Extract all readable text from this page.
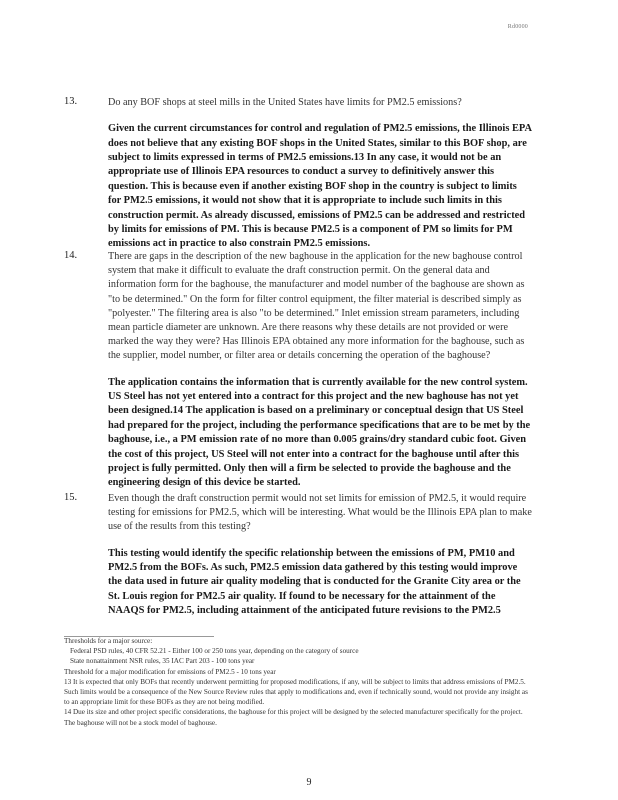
Rd0000
13.	Do any BOF shops at steel mills in the United States have limits for PM2.5 emissions?
Given the current circumstances for control and regulation of PM2.5 emissions, the Illinois EPA does not believe that any existing BOF shops in the United States, similar to this BOF shop, are subject to limits expressed in terms of PM2.5 emissions.13 In any case, it would not be an appropriate use of Illinois EPA resources to conduct a survey to definitively answer this question. This is because even if another existing BOF shop in the country is subject to limits for PM2.5 emissions, it would not show that it is appropriate to include such limits in this construction permit. As already discussed, emissions of PM2.5 can be addressed and restricted by limits for emissions of PM. This is because PM2.5 is a component of PM so limits for PM emissions act in practice to also constrain PM2.5 emissions.
14.	There are gaps in the description of the new baghouse in the application for the new baghouse control system that make it difficult to evaluate the draft construction permit. On the general data and information form for the baghouse, the manufacturer and model number of the baghouse are shown as "to be determined." On the form for filter control equipment, the filter material is described simply as "polyester." The filtering area is also "to be determined." Inlet emission stream parameters, including mean particle diameter are unknown. Are there reasons why these details are not provided or were marked the way they were? Has Illinois EPA obtained any more information for the baghouse, such as the supplier, model number, or filter area or details concerning the operation of the baghouse?
The application contains the information that is currently available for the new control system. US Steel has not yet entered into a contract for this project and the new baghouse has not yet been designed.14 The application is based on a preliminary or conceptual design that US Steel had prepared for the project, including the performance specifications that are to be met by the baghouse, i.e., a PM emission rate of no more than 0.005 grains/dry standard cubic foot. Given the cost of this project, US Steel will not enter into a contract for the baghouse until after this project is fully permitted. Only then will a firm be selected to provide the baghouse and the engineering design of this device be started.
15.	Even though the draft construction permit would not set limits for emission of PM2.5, it would require testing for emissions for PM2.5, which will be interesting. What would be the Illinois EPA plan to make use of the results from this testing?
This testing would identify the specific relationship between the emissions of PM, PM10 and PM2.5 from the BOFs. As such, PM2.5 emission data gathered by this testing would improve the data used in future air quality modeling that is conducted for the Granite City area or the St. Louis region for PM2.5 air quality. If found to be necessary for the attainment of the NAAQS for PM2.5, including attainment of the anticipated future revisions to the PM2.5
Thresholds for a major source:
Federal PSD rules, 40 CFR 52.21 - Either 100 or 250 tons year, depending on the category of source
State nonattainment NSR rules, 35 IAC Part 203 - 100 tons year
Threshold for a major modification for emissions of PM2.5 - 10 tons year
13 It is expected that only BOFs that recently underwent permitting for proposed modifications, if any, will be subject to limits that address emissions of PM2.5. Such limits would be a consequence of the New Source Review rules that apply to modifications and, even if technically sound, would not provide any insight as to an appropriate limit for these BOFs as they are not being modified.
14 Due its size and other project specific considerations, the baghouse for this project will be designed by the selected manufacturer specifically for the project. The baghouse will not be a stock model of baghouse.
9
